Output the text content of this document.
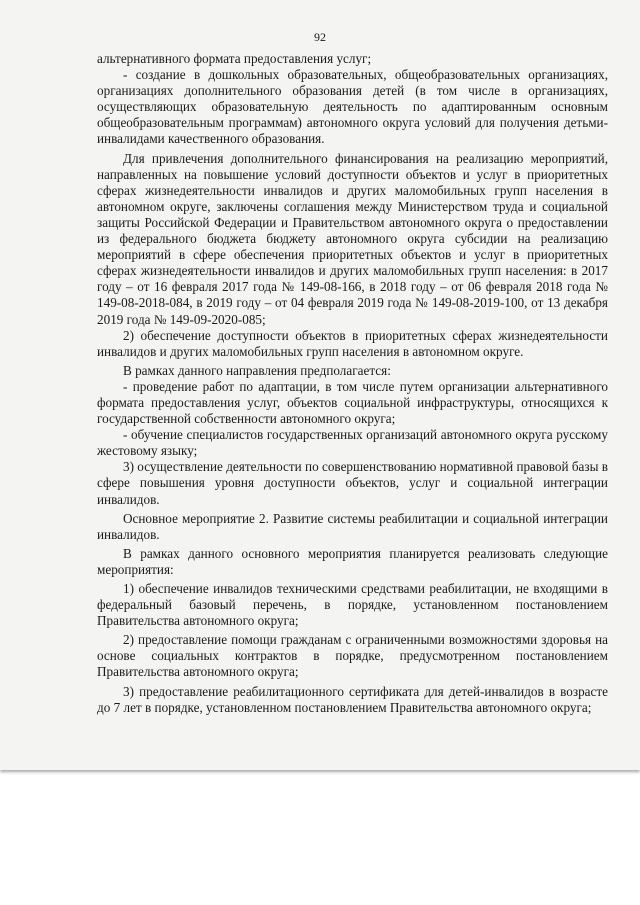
92

альтернативного формата предоставления услуг;

- создание в дошкольных образовательных, общеобразовательных организациях, организациях дополнительного образования детей (в том числе в организациях, осуществляющих образовательную деятельность по адаптированным основным общеобразовательным программам) автономного округа условий для получения детьми-инвалидами качественного образования.

Для привлечения дополнительного финансирования на реализацию мероприятий, направленных на повышение условий доступности объектов и услуг в приоритетных сферах жизнедеятельности инвалидов и других маломобильных групп населения в автономном округе, заключены соглашения между Министерством труда и социальной защиты Российской Федерации и Правительством автономного округа о предоставлении из федерального бюджета бюджету автономного округа субсидии на реализацию мероприятий в сфере обеспечения приоритетных объектов и услуг в приоритетных сферах жизнедеятельности инвалидов и других маломобильных групп населения: в 2017 году – от 16 февраля 2017 года № 149-08-166, в 2018 году – от 06 февраля 2018 года № 149-08-2018-084, в 2019 году – от 04 февраля 2019 года № 149-08-2019-100, от 13 декабря 2019 года № 149-09-2020-085;

2) обеспечение доступности объектов в приоритетных сферах жизнедеятельности инвалидов и других маломобильных групп населения в автономном округе.

В рамках данного направления предполагается:

- проведение работ по адаптации, в том числе путем организации альтернативного формата предоставления услуг, объектов социальной инфраструктуры, относящихся к государственной собственности автономного округа;

- обучение специалистов государственных организаций автономного округа русскому жестовому языку;

3) осуществление деятельности по совершенствованию нормативной правовой базы в сфере повышения уровня доступности объектов, услуг и социальной интеграции инвалидов.

Основное мероприятие 2. Развитие системы реабилитации и социальной интеграции инвалидов.

В рамках данного основного мероприятия планируется реализовать следующие мероприятия:

1) обеспечение инвалидов техническими средствами реабилитации, не входящими в федеральный базовый перечень, в порядке, установленном постановлением Правительства автономного округа;

2) предоставление помощи гражданам с ограниченными возможностями здоровья на основе социальных контрактов в порядке, предусмотренном постановлением Правительства автономного округа;

3) предоставление реабилитационного сертификата для детей-инвалидов в возрасте до 7 лет в порядке, установленном постановлением Правительства автономного округа;
